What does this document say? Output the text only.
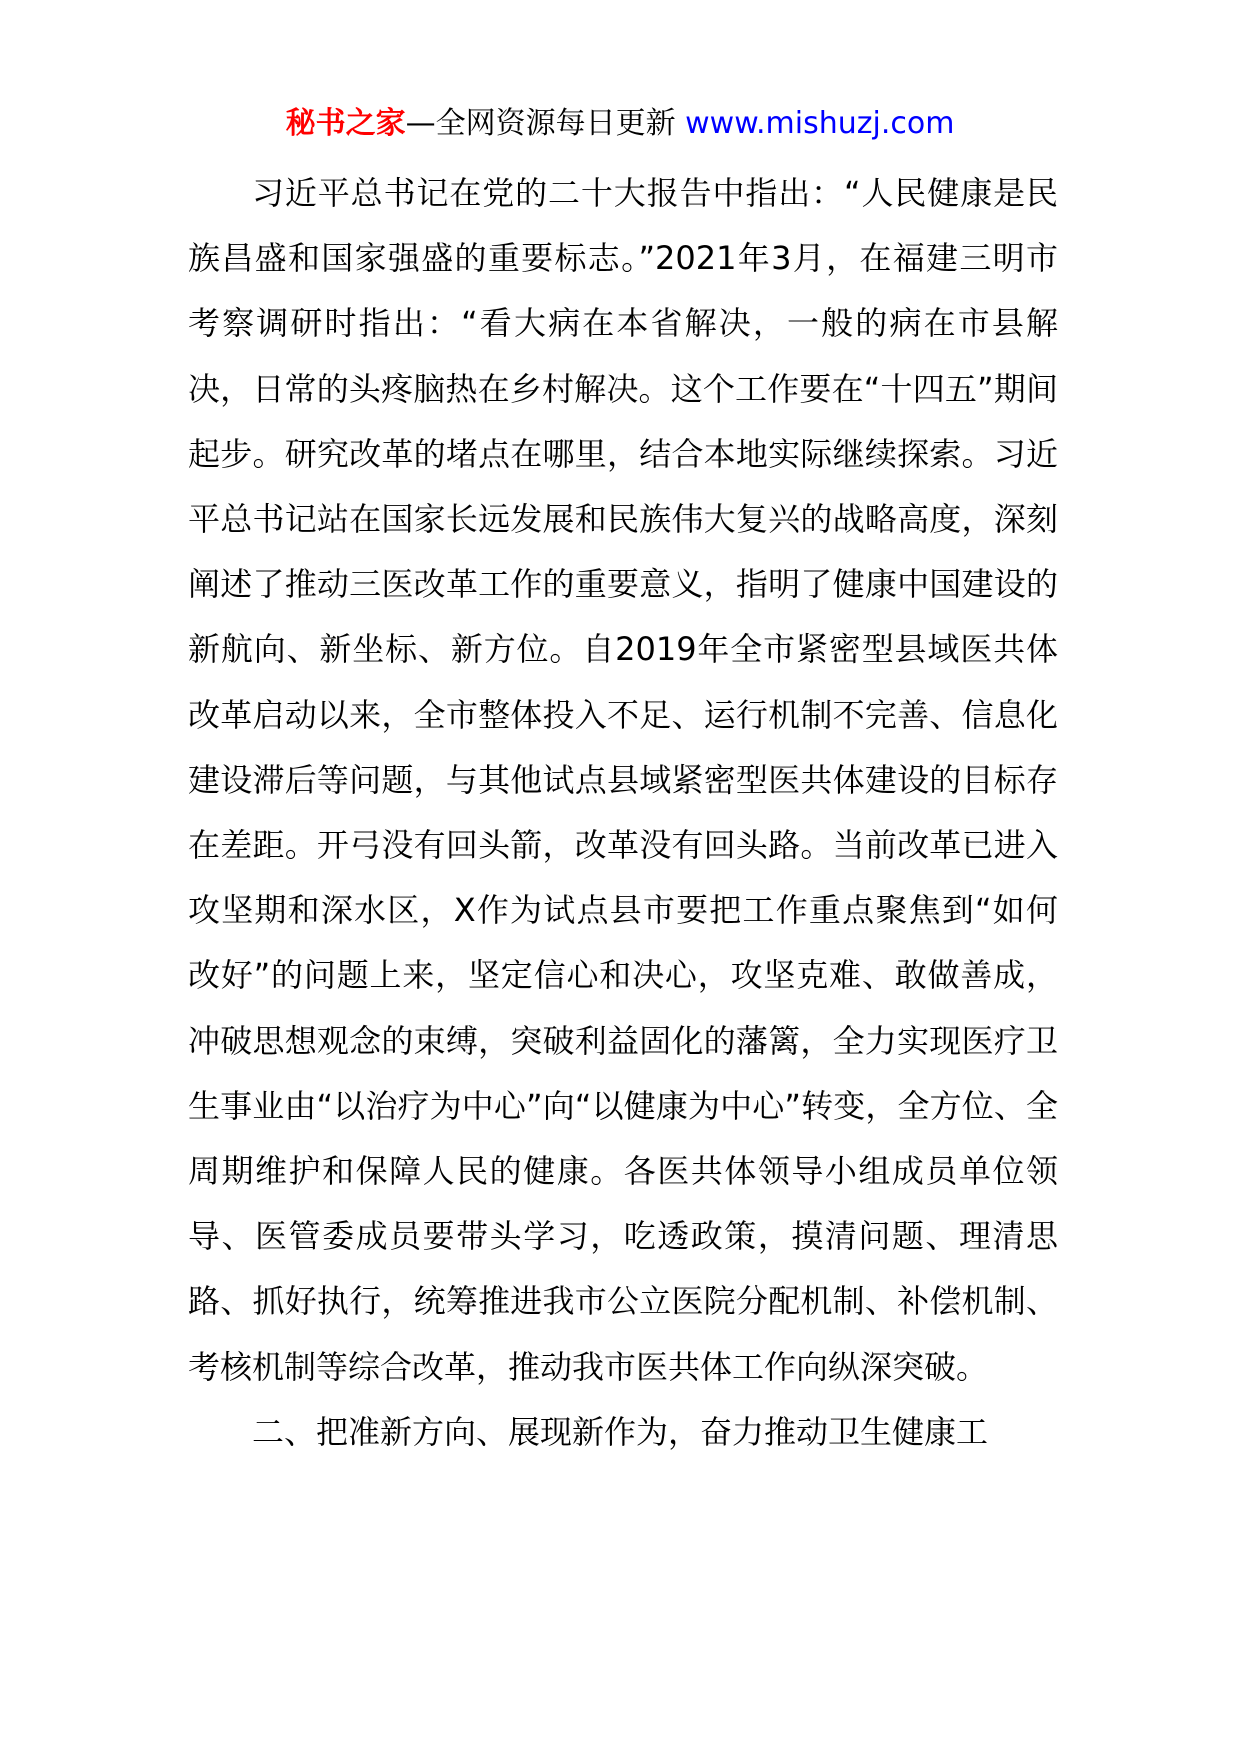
秘书之家—全网资源每日更新 www.mishuzj.com

习近平总书记在党的二十大报告中指出：“人民健康是民族昌盛和国家强盛的重要标志。”2021年3月，在福建三明市考察调研时指出：“看大病在本省解决，一般的病在市县解决，日常的头疼脑热在乡村解决。这个工作要在“十四五”期间起步。研究改革的堵点在哪里，结合本地实际继续探索。习近平总书记站在国家长远发展和民族伟大复兴的战略高度，深刻阐述了推动三医改革工作的重要意义，指明了健康中国建设的新航向、新坐标、新方位。自2019年全市紧密型县域医共体改革启动以来，全市整体投入不足、运行机制不完善、信息化建设滞后等问题，与其他试点县域紧密型医共体建设的目标存在差距。开弓没有回头箭，改革没有回头路。当前改革已进入攻坚期和深水区，X作为试点县市要把工作重点聚焦到“如何改好”的问题上来，坚定信心和决心，攻坚克难、敢做善成，冲破思想观念的束缚，突破利益固化的藩篱，全力实现医疗卫生事业由“以治疗为中心”向“以健康为中心”转变，全方位、全周期维护和保障人民的健康。各医共体领导小组成员单位领导、医管委成员要带头学习，吃透政策，摸清问题、理清思路、抓好执行，统筹推进我市公立医院分配机制、补偿机制、考核机制等综合改革，推动我市医共体工作向纵深突破。

二、把准新方向、展现新作为，奋力推动卫生健康工
